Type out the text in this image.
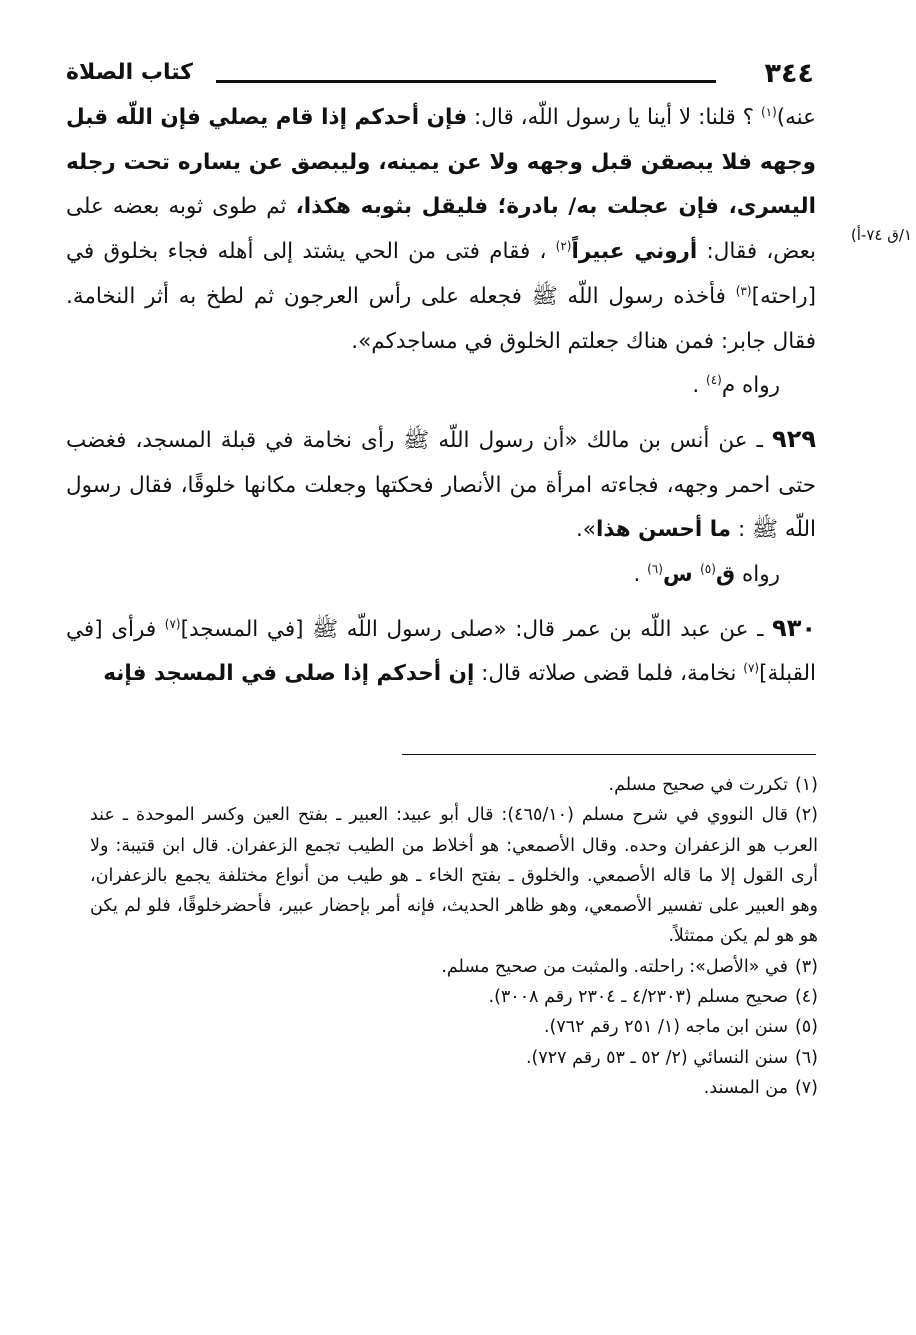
٣٤٤
كتاب الصلاة
١/ق ٧٤-أ)

عنه)$^{(١)}$ ؟ قلنا: لا أينا يا رسول اللّه، قال: فإن أحدكم إذا قام يصلي فإن اللّه قبل وجهه فلا يبصقن قبل وجهه ولا عن يمينه، وليبصق عن يساره تحت رجله اليسرى، فإن عجلت به/ بادرة؛ فليقل بثوبه هكذا، ثم طوى ثوبه بعضه على بعض، فقال: أروني عبيراً$^{(٢)}$ ، فقام فتى من الحي يشتد إلى أهله فجاء بخلوق في [راحته]$^{(٣)}$ فأخذه رسول اللّه ﷺ فجعله على رأس العرجون ثم لطخ به أثر النخامة. فقال جابر: فمن هناك جعلتم الخلوق في مساجدكم».

رواه م$^{(٤)}$ .

٩٢٩ ـ عن أنس بن مالك «أن رسول اللّه ﷺ رأى نخامة في قبلة المسجد، فغضب حتى احمر وجهه، فجاءته امرأة من الأنصار فحكتها وجعلت مكانها خلوقًا، فقال رسول اللّه ﷺ : ما أحسن هذا».

رواه ق$^{(٥)}$ س$^{(٦)}$ .

٩٣٠ ـ عن عبد اللّه بن عمر قال: «صلى رسول اللّه ﷺ [في المسجد]$^{(٧)}$ فرأى [في القبلة]$^{(٧)}$ نخامة، فلما قضى صلاته قال: إن أحدكم إذا صلى في المسجد فإنه

(١)تكررت في صحيح مسلم.

(٢)قال النووي في شرح مسلم (٤٦٥/١٠): قال أبو عبيد: العبير ـ بفتح العين وكسر الموحدة ـ عند العرب هو الزعفران وحده. وقال الأصمعي: هو أخلاط من الطيب تجمع الزعفران. قال ابن قتيبة: ولا أرى القول إلا ما قاله الأصمعي. والخلوق ـ بفتح الخاء ـ هو طيب من أنواع مختلفة يجمع بالزعفران، وهو العبير على تفسير الأصمعي، وهو ظاهر الحديث، فإنه أمر بإحضار عبير، فأحضرخلوقًا، فلو لم يكن هو هو لم يكن ممتثلاً.

(٣)في «الأصل»: راحلته. والمثبت من صحيح مسلم.

(٤)صحيح مسلم (٤/٢٣٠٣ ـ ٢٣٠٤ رقم ٣٠٠٨).

(٥)سنن ابن ماجه (١/ ٢٥١ رقم ٧٦٢).

(٦)سنن النسائي (٢/ ٥٢ ـ ٥٣ رقم ٧٢٧).

(٧)من المسند.
